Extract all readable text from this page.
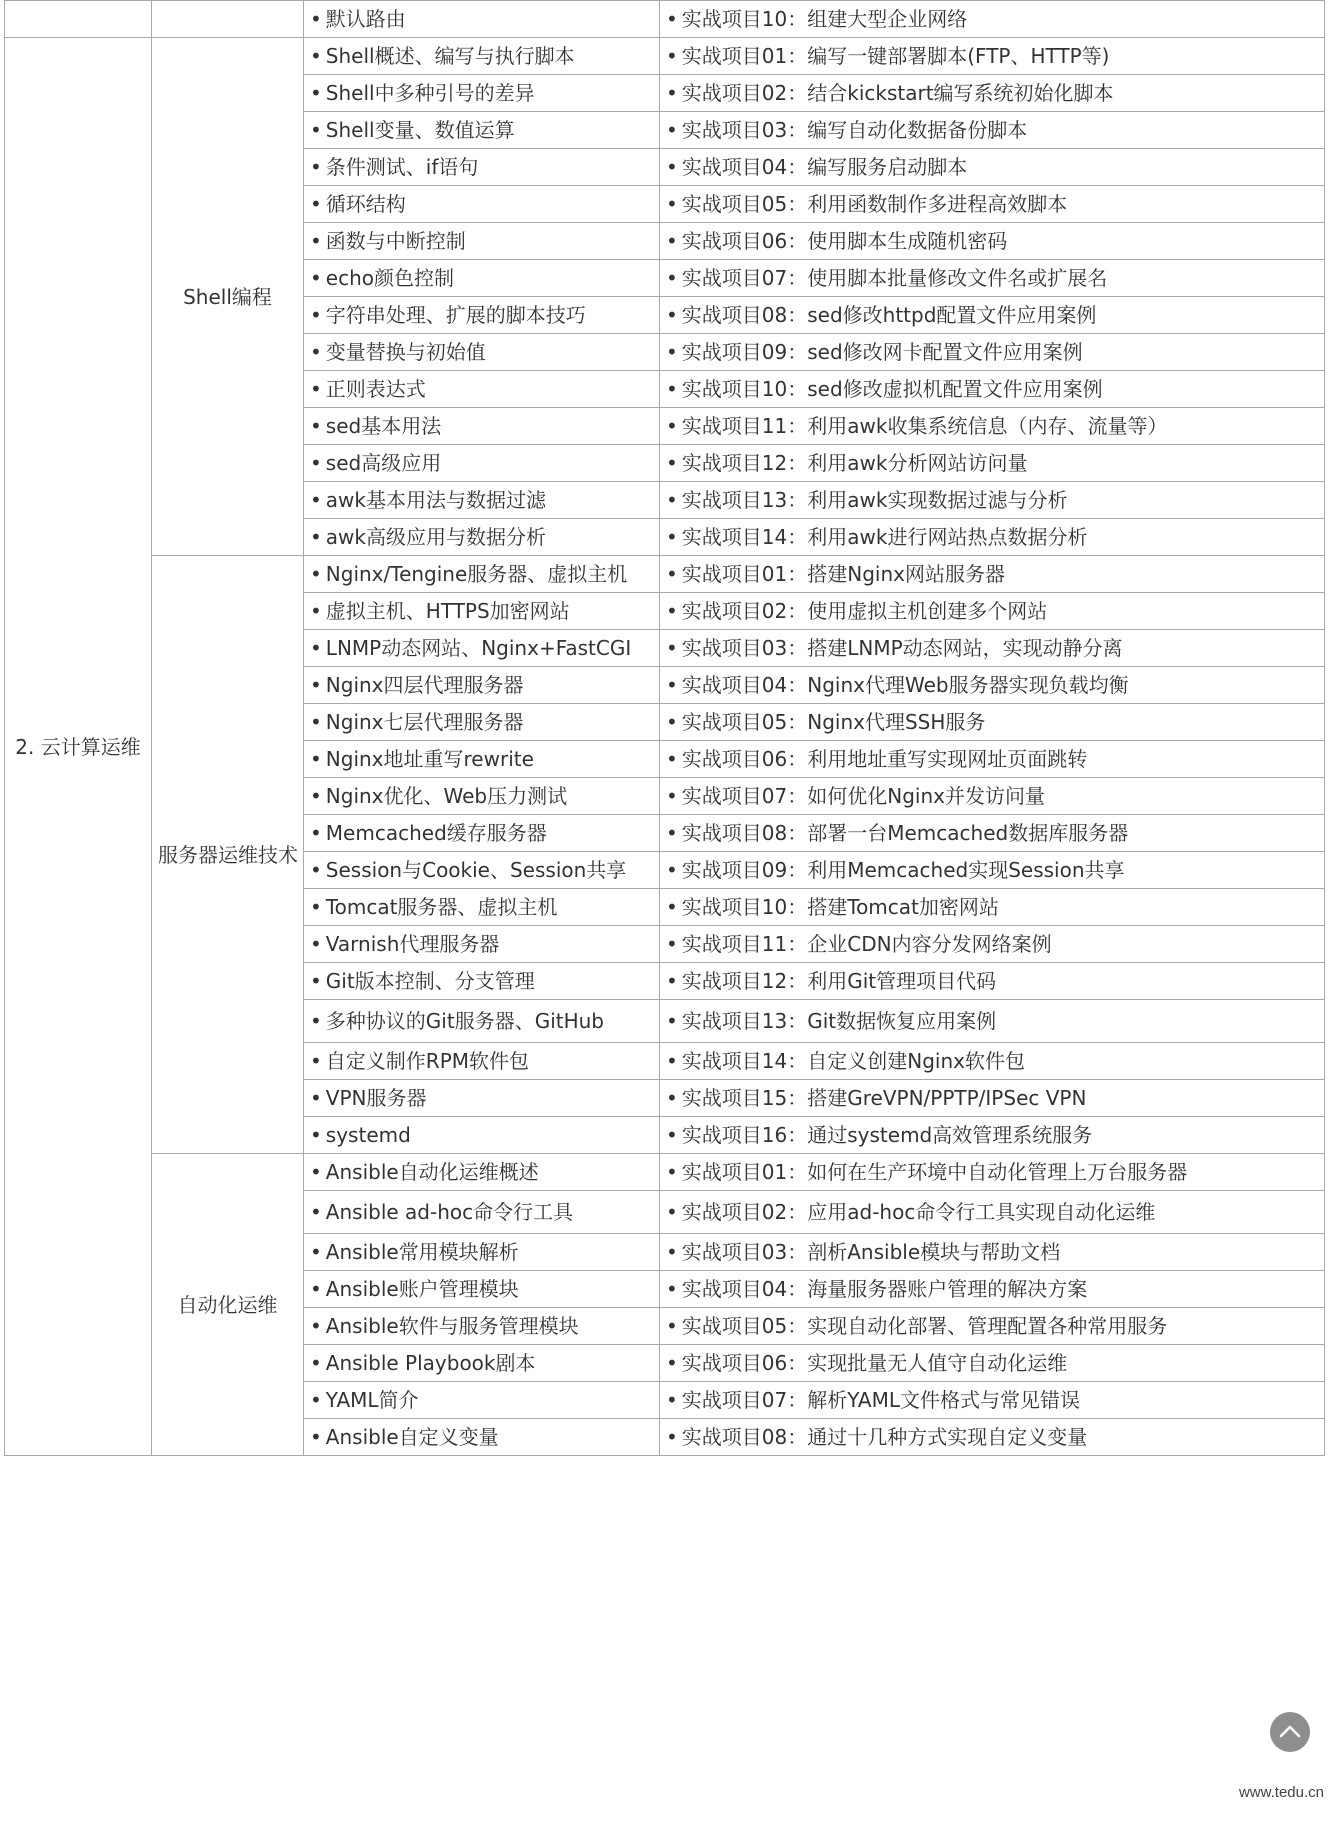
		• 默认路由	• 实战项目10：组建大型企业网络
2. 云计算运维	Shell编程	• Shell概述、编写与执行脚本	• 实战项目01：编写一键部署脚本(FTP、HTTP等)
		• Shell中多种引号的差异	• 实战项目02：结合kickstart编写系统初始化脚本
		• Shell变量、数值运算	• 实战项目03：编写自动化数据备份脚本
		• 条件测试、if语句	• 实战项目04：编写服务启动脚本
		• 循环结构	• 实战项目05：利用函数制作多进程高效脚本
		• 函数与中断控制	• 实战项目06：使用脚本生成随机密码
		• echo颜色控制	• 实战项目07：使用脚本批量修改文件名或扩展名
		• 字符串处理、扩展的脚本技巧	• 实战项目08：sed修改httpd配置文件应用案例
		• 变量替换与初始值	• 实战项目09：sed修改网卡配置文件应用案例
		• 正则表达式	• 实战项目10：sed修改虚拟机配置文件应用案例
		• sed基本用法	• 实战项目11：利用awk收集系统信息（内存、流量等）
		• sed高级应用	• 实战项目12：利用awk分析网站访问量
		• awk基本用法与数据过滤	• 实战项目13：利用awk实现数据过滤与分析
		• awk高级应用与数据分析	• 实战项目14：利用awk进行网站热点数据分析
	服务器运维技术	• Nginx/Tengine服务器、虚拟主机	• 实战项目01：搭建Nginx网站服务器
		• 虚拟主机、HTTPS加密网站	• 实战项目02：使用虚拟主机创建多个网站
		• LNMP动态网站、Nginx+FastCGI	• 实战项目03：搭建LNMP动态网站，实现动静分离
		• Nginx四层代理服务器	• 实战项目04：Nginx代理Web服务器实现负载均衡
		• Nginx七层代理服务器	• 实战项目05：Nginx代理SSH服务
		• Nginx地址重写rewrite	• 实战项目06：利用地址重写实现网址页面跳转
		• Nginx优化、Web压力测试	• 实战项目07：如何优化Nginx并发访问量
		• Memcached缓存服务器	• 实战项目08：部署一台Memcached数据库服务器
		• Session与Cookie、Session共享	• 实战项目09：利用Memcached实现Session共享
		• Tomcat服务器、虚拟主机	• 实战项目10：搭建Tomcat加密网站
		• Varnish代理服务器	• 实战项目11：企业CDN内容分发网络案例
		• Git版本控制、分支管理	• 实战项目12：利用Git管理项目代码
		• 多种协议的Git服务器、GitHub	• 实战项目13：Git数据恢复应用案例
		• 自定义制作RPM软件包	• 实战项目14：自定义创建Nginx软件包
		• VPN服务器	• 实战项目15：搭建GreVPN/PPTP/IPSec VPN
		• systemd	• 实战项目16：通过systemd高效管理系统服务
	自动化运维	• Ansible自动化运维概述	• 实战项目01：如何在生产环境中自动化管理上万台服务器
		• Ansible ad-hoc命令行工具	• 实战项目02：应用ad-hoc命令行工具实现自动化运维
		• Ansible常用模块解析	• 实战项目03：剖析Ansible模块与帮助文档
		• Ansible账户管理模块	• 实战项目04：海量服务器账户管理的解决方案
		• Ansible软件与服务管理模块	• 实战项目05：实现自动化部署、管理配置各种常用服务
		• Ansible Playbook剧本	• 实战项目06：实现批量无人值守自动化运维
		• YAML简介	• 实战项目07：解析YAML文件格式与常见错误
		• Ansible自定义变量	• 实战项目08：通过十几种方式实现自定义变量
www.tedu.cn
